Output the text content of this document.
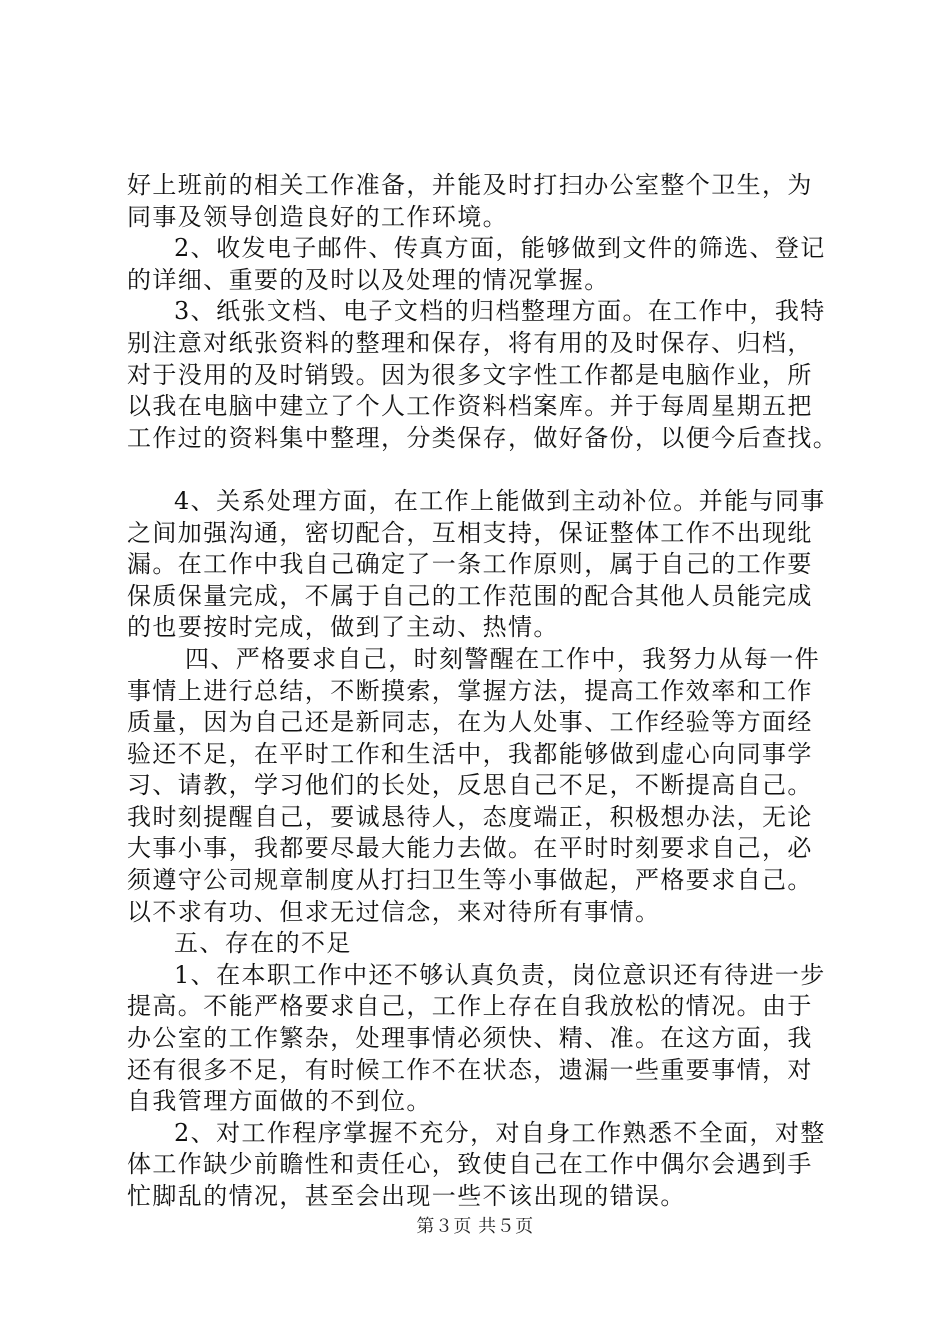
好上班前的相关工作准备，并能及时打扫办公室整个卫生，为
同事及领导创造良好的工作环境。
2、收发电子邮件、传真方面，能够做到文件的筛选、登记
的详细、重要的及时以及处理的情况掌握。
3、纸张文档、电子文档的归档整理方面。在工作中，我特
别注意对纸张资料的整理和保存，将有用的及时保存、归档，
对于没用的及时销毁。因为很多文字性工作都是电脑作业，所
以我在电脑中建立了个人工作资料档案库。并于每周星期五把
工作过的资料集中整理，分类保存，做好备份，以便今后查找。
4、关系处理方面，在工作上能做到主动补位。并能与同事
之间加强沟通，密切配合，互相支持，保证整体工作不出现纰
漏。在工作中我自己确定了一条工作原则，属于自己的工作要
保质保量完成，不属于自己的工作范围的配合其他人员能完成
的也要按时完成，做到了主动、热情。
四、严格要求自己，时刻警醒在工作中，我努力从每一件
事情上进行总结，不断摸索，掌握方法，提高工作效率和工作
质量，因为自己还是新同志，在为人处事、工作经验等方面经
验还不足，在平时工作和生活中，我都能够做到虚心向同事学
习、请教，学习他们的长处，反思自己不足，不断提高自己。
我时刻提醒自己，要诚恳待人，态度端正，积极想办法，无论
大事小事，我都要尽最大能力去做。在平时时刻要求自己，必
须遵守公司规章制度从打扫卫生等小事做起，严格要求自己。
以不求有功、但求无过信念，来对待所有事情。
五、存在的不足
1、在本职工作中还不够认真负责，岗位意识还有待进一步
提高。不能严格要求自己，工作上存在自我放松的情况。由于
办公室的工作繁杂，处理事情必须快、精、准。在这方面，我
还有很多不足，有时候工作不在状态，遗漏一些重要事情，对
自我管理方面做的不到位。
2、对工作程序掌握不充分，对自身工作熟悉不全面，对整
体工作缺少前瞻性和责任心，致使自己在工作中偶尔会遇到手
忙脚乱的情况，甚至会出现一些不该出现的错误。
第３页 共５页
